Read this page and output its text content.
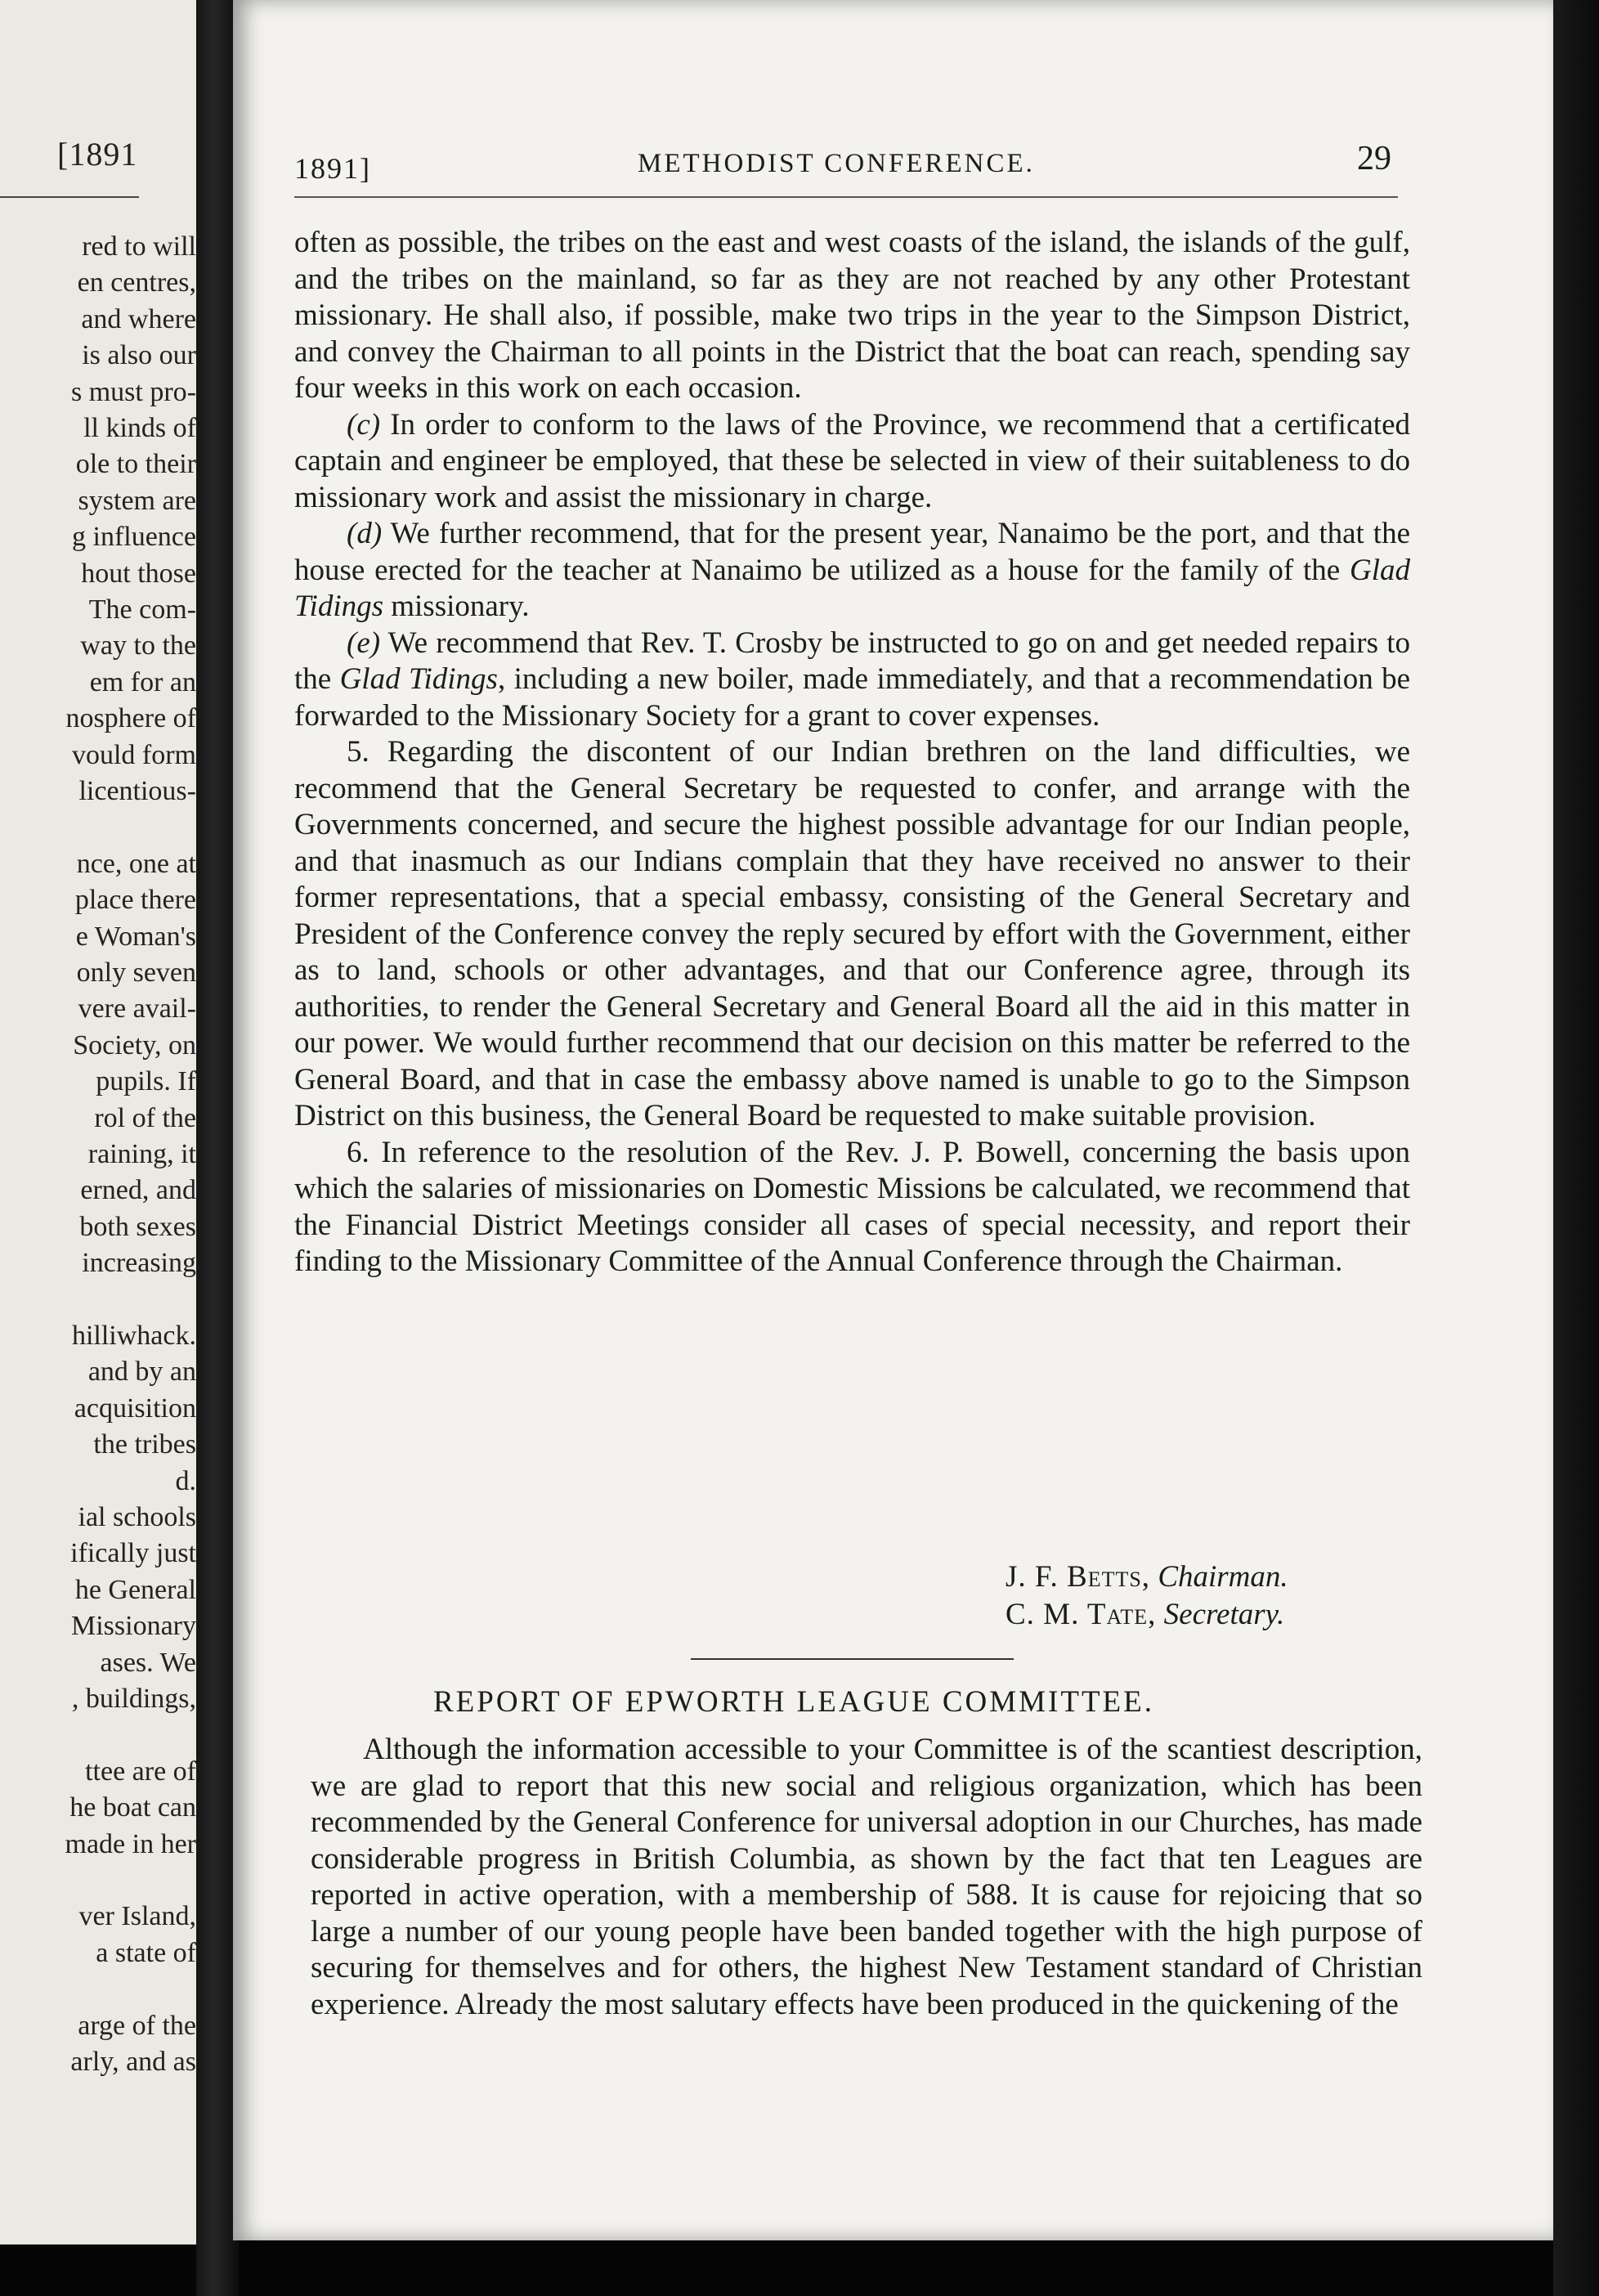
[1891
red to will
en centres,
and where
is also our
s must pro-
ll kinds of
ole to their
system are
g influence
hout those
The com-
way to the
em for an
nosphere of
vould form
licentious-
nce, one at
place there
e Woman's
only seven
vere avail-
Society, on
pupils. If
rol of the
raining, it
erned, and
both sexes
increasing
hilliwhack.
and by an
acquisition
the tribes
d.
ial schools
ifically just
he General
Missionary
ases. We
, buildings,
ttee are of
he boat can
made in her
ver Island,
a state of
arge of the
arly, and as
1891]	METHODIST CONFERENCE.	29

often as possible, the tribes on the east and west coasts of the island, the islands of the gulf, and the tribes on the mainland, so far as they are not reached by any other Protestant missionary. He shall also, if possible, make two trips in the year to the Simpson District, and convey the Chairman to all points in the District that the boat can reach, spending say four weeks in this work on each occasion.

(c) In order to conform to the laws of the Province, we recommend that a certificated captain and engineer be employed, that these be selected in view of their suitableness to do missionary work and assist the missionary in charge.

(d) We further recommend, that for the present year, Nanaimo be the port, and that the house erected for the teacher at Nanaimo be utilized as a house for the family of the Glad Tidings missionary.

(e) We recommend that Rev. T. Crosby be instructed to go on and get needed repairs to the Glad Tidings, including a new boiler, made immediately, and that a recommendation be forwarded to the Missionary Society for a grant to cover expenses.

5. Regarding the discontent of our Indian brethren on the land difficulties, we recommend that the General Secretary be requested to confer, and arrange with the Governments concerned, and secure the highest possible advantage for our Indian people, and that inasmuch as our Indians complain that they have received no answer to their former representations, that a special embassy, consisting of the General Secretary and President of the Conference convey the reply secured by effort with the Government, either as to land, schools or other advantages, and that our Conference agree, through its authorities, to render the General Secretary and General Board all the aid in this matter in our power. We would further recommend that our decision on this matter be referred to the General Board, and that in case the embassy above named is unable to go to the Simpson District on this business, the General Board be requested to make suitable provision.

6. In reference to the resolution of the Rev. J. P. Bowell, concerning the basis upon which the salaries of missionaries on Domestic Missions be calculated, we recommend that the Financial District Meetings consider all cases of special necessity, and report their finding to the Missionary Committee of the Annual Conference through the Chairman.

J. F. Betts, Chairman.
C. M. Tate, Secretary.
REPORT OF EPWORTH LEAGUE COMMITTEE.

Although the information accessible to your Committee is of the scantiest description, we are glad to report that this new social and religious organization, which has been recommended by the General Conference for universal adoption in our Churches, has made considerable progress in British Columbia, as shown by the fact that ten Leagues are reported in active operation, with a membership of 588. It is cause for rejoicing that so large a number of our young people have been banded together with the high purpose of securing for themselves and for others, the highest New Testament standard of Christian experience. Already the most salutary effects have been produced in the quickening of the
